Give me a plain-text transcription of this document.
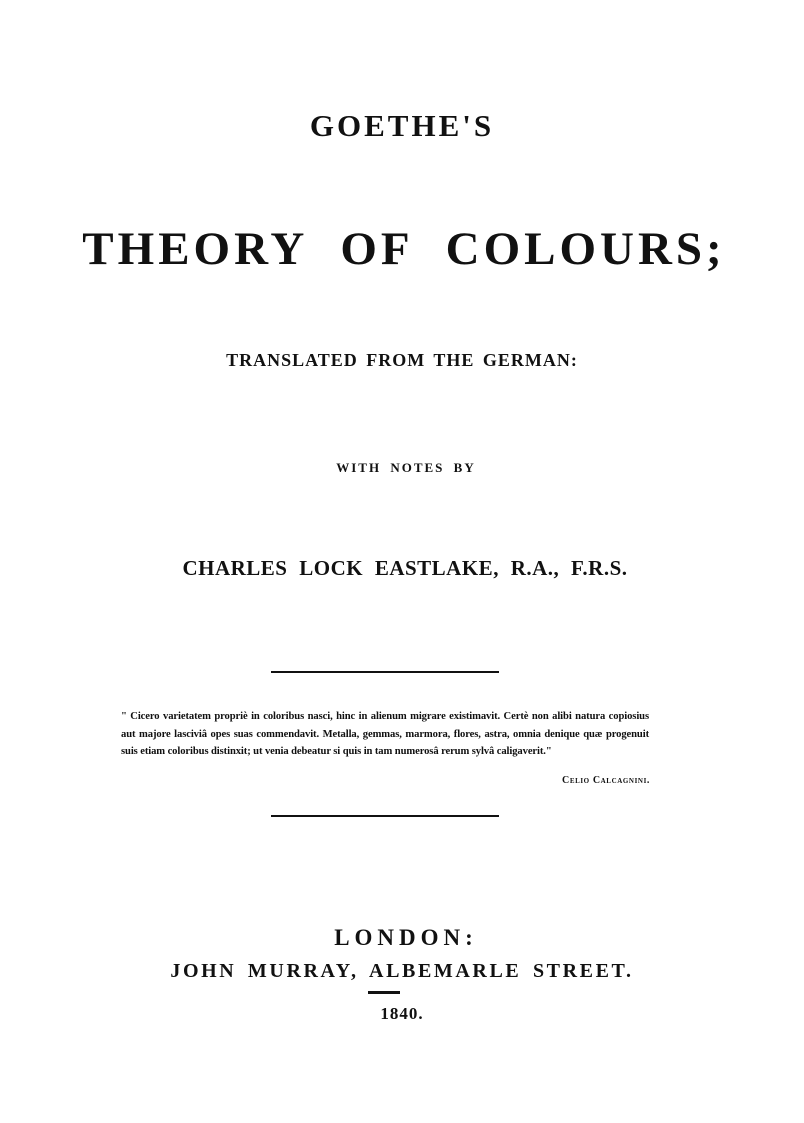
GOETHE'S
THEORY OF COLOURS;
TRANSLATED FROM THE GERMAN:
WITH NOTES BY
CHARLES LOCK EASTLAKE, R.A., F.R.S.
" Cicero varietatem propriè in coloribus nasci, hinc in alienum migrare existimavit. Certè non alibi natura copiosius aut majore lasciviâ opes suas commendavit. Metalla, gemmas, marmora, flores, astra, omnia denique quæ progenuit suis etiam coloribus distinxit; ut venia debeatur si quis in tam numerosâ rerum sylvâ caligaverit."
Celio Calcagnini.
LONDON:
JOHN MURRAY, ALBEMARLE STREET.
1840.
